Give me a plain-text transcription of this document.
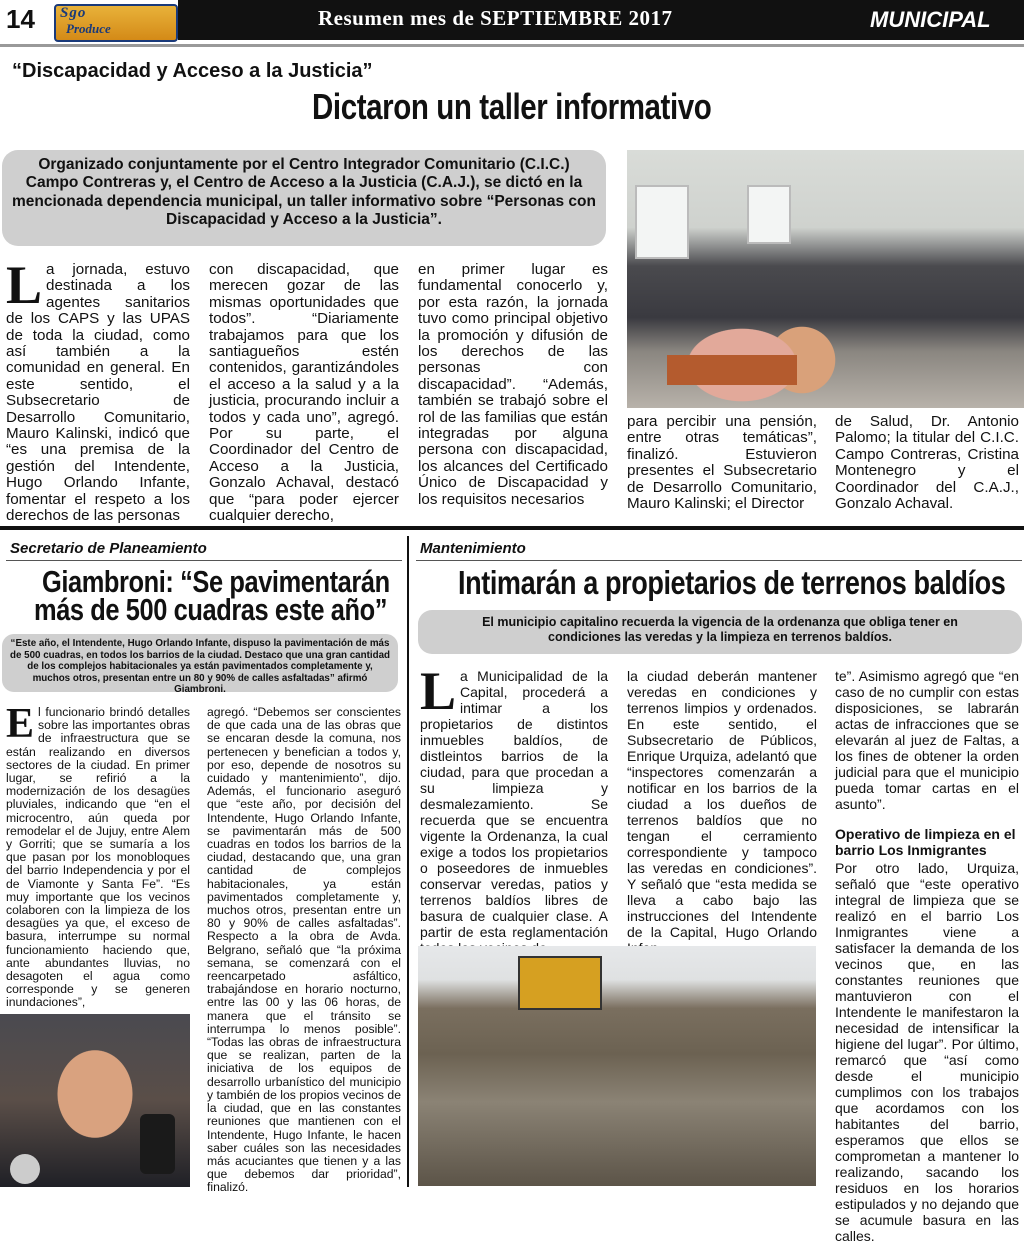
14 Sgo
Produce	Resumen mes de SEPTIEMBRE 2017	MUNICIPAL
“Discapacidad y Acceso a la Justicia”
Dictaron un taller informativo
Organizado conjuntamente por el Centro Integrador Comunitario (C.I.C.) Campo Contreras y, el Centro de Acceso a la Justicia (C.A.J.), se dictó en la mencionada dependencia municipal, un taller informativo sobre “Personas con Discapacidad y Acceso a la Justicia”.
La jornada, estuvo destinada a los agentes sanitarios de los CAPS y las UPAS de toda la ciudad, como así también a la comunidad en general. En este sentido, el Subsecretario de Desarrollo Comunitario, Mauro Kalinski, indicó que “es una premisa de la gestión del Intendente, Hugo Orlando Infante, fomentar el respeto a los derechos de las personas
con discapacidad, que merecen gozar de las mismas oportunidades que todos”. “Diariamente trabajamos para que los santiagueños estén contenidos, garantizándoles el acceso a la salud y a la justicia, procurando incluir a todos y cada uno”, agregó. Por su parte, el Coordinador del Centro de Acceso a la Justicia, Gonzalo Achaval, destacó que “para poder ejercer cualquier derecho,
en primer lugar es fundamental conocerlo y, por esta razón, la jornada tuvo como principal objetivo la promoción y difusión de los derechos de las personas con discapacidad”. “Además, también se trabajó sobre el rol de las familias que están integradas por alguna persona con discapacidad, los alcances del Certificado Único de Discapacidad y los requisitos necesarios
para percibir una pensión, entre otras temáticas”, finalizó. Estuvieron presentes el Subsecretario de Desarrollo Comunitario, Mauro Kalinski; el Director
de Salud, Dr. Antonio Palomo; la titular del C.I.C. Campo Contreras, Cristina Montenegro y el Coordinador del C.A.J., Gonzalo Achaval.
Secretario de Planeamiento
Giambroni: “Se pavimentarán
más de 500 cuadras este año”
“Este año, el Intendente, Hugo Orlando Infante, dispuso la pavimentación de más de 500 cuadras, en todos los barrios de la ciudad. Destaco que una gran cantidad de los complejos habitacionales ya están pavimentados completamente y, muchos otros, presentan entre un 80 y 90% de calles asfaltadas” afirmó Giambroni.
El funcionario brindó detalles sobre las importantes obras de infraestructura que se están realizando en diversos sectores de la ciudad. En primer lugar, se refirió a la modernización de los desagües pluviales, indicando que “en el microcentro, aún queda por remodelar el de Jujuy, entre Alem y Gorriti; que se sumaría a los que pasan por los monobloques del barrio Independencia y por el de Viamonte y Santa Fe”. “Es muy importante que los vecinos colaboren con la limpieza de los desagües ya que, el exceso de basura, interrumpe su normal funcionamiento haciendo que, ante abundantes lluvias, no desagoten el agua como corresponde y se generen inundaciones”,
agregó. “Debemos ser conscientes de que cada una de las obras que se encaran desde la comuna, nos pertenecen y benefician a todos y, por eso, depende de nosotros su cuidado y mantenimiento”, dijo. Además, el funcionario aseguró que “este año, por decisión del Intendente, Hugo Orlando Infante, se pavimentarán más de 500 cuadras en todos los barrios de la ciudad, destacando que, una gran cantidad de complejos habitacionales, ya están pavimentados completamente y, muchos otros, presentan entre un 80 y 90% de calles asfaltadas”. Respecto a la obra de Avda. Belgrano, señaló que “la próxima semana, se comenzará con el reencarpetado asfáltico, trabajándose en horario nocturno, entre las 00 y las 06 horas, de manera que el tránsito se interrumpa lo menos posible”. “Todas las obras de infraestructura que se realizan, parten de la iniciativa de los equipos de desarrollo urbanístico del municipio y también de los propios vecinos de la ciudad, que en las constantes reuniones que mantienen con el Intendente, Hugo Infante, le hacen saber cuáles son las necesidades más acuciantes que tienen y a las que debemos dar prioridad”, finalizó.
Mantenimiento
Intimarán a propietarios de terrenos baldíos
El municipio capitalino recuerda la vigencia de la ordenanza que obliga tener en condiciones las veredas y la limpieza en terrenos baldíos.
La Municipalidad de la Capital, procederá a intimar a los propietarios de distintos inmuebles baldíos, de distleintos barrios de la ciudad, para que procedan a su limpieza y desmalezamiento. Se recuerda que se encuentra vigente la Ordenanza, la cual exige a todos los propietarios o poseedores de inmuebles conservar veredas, patios y terrenos baldíos libres de basura de cualquier clase. A partir de esta reglamentación
la ciudad deberán mantener veredas en condiciones y terrenos limpios y ordenados. En este sentido, el Subsecretario de Públicos, Enrique Urquiza, adelantó que “inspectores comenzarán a notificar en los barrios de la ciudad a los dueños de terrenos baldíos que no tengan el cerramiento correspondiente y tampoco las veredas en condiciones”. Y señaló que “esta medida se lleva a cabo bajo las instrucciones del Intendente de la Capital, Hugo Orlando
te”. Asimismo agregó que “en caso de no cumplir con estas disposiciones, se labrarán actas de infracciones que se elevarán al juez de Faltas, a los fines de obtener la orden judicial para que el municipio pueda tomar cartas en el asunto”.
Operativo de limpieza en el barrio Los Inmigrantes
Por otro lado, Urquiza, señaló que “este operativo integral de limpieza que se realizó en el barrio Los Inmigrantes viene a satisfacer la demanda de los vecinos que, en las constantes reuniones que mantuvieron con el Intendente le manifestaron la necesidad de intensificar la higiene del lugar”. Por último, remarcó que “así como desde el municipio cumplimos con los trabajos que acordamos con los habitantes del barrio, esperamos que ellos se comprometan a mantener lo realizando, sacando los residuos en los horarios estipulados y no dejando que se acumule basura en las calles.
